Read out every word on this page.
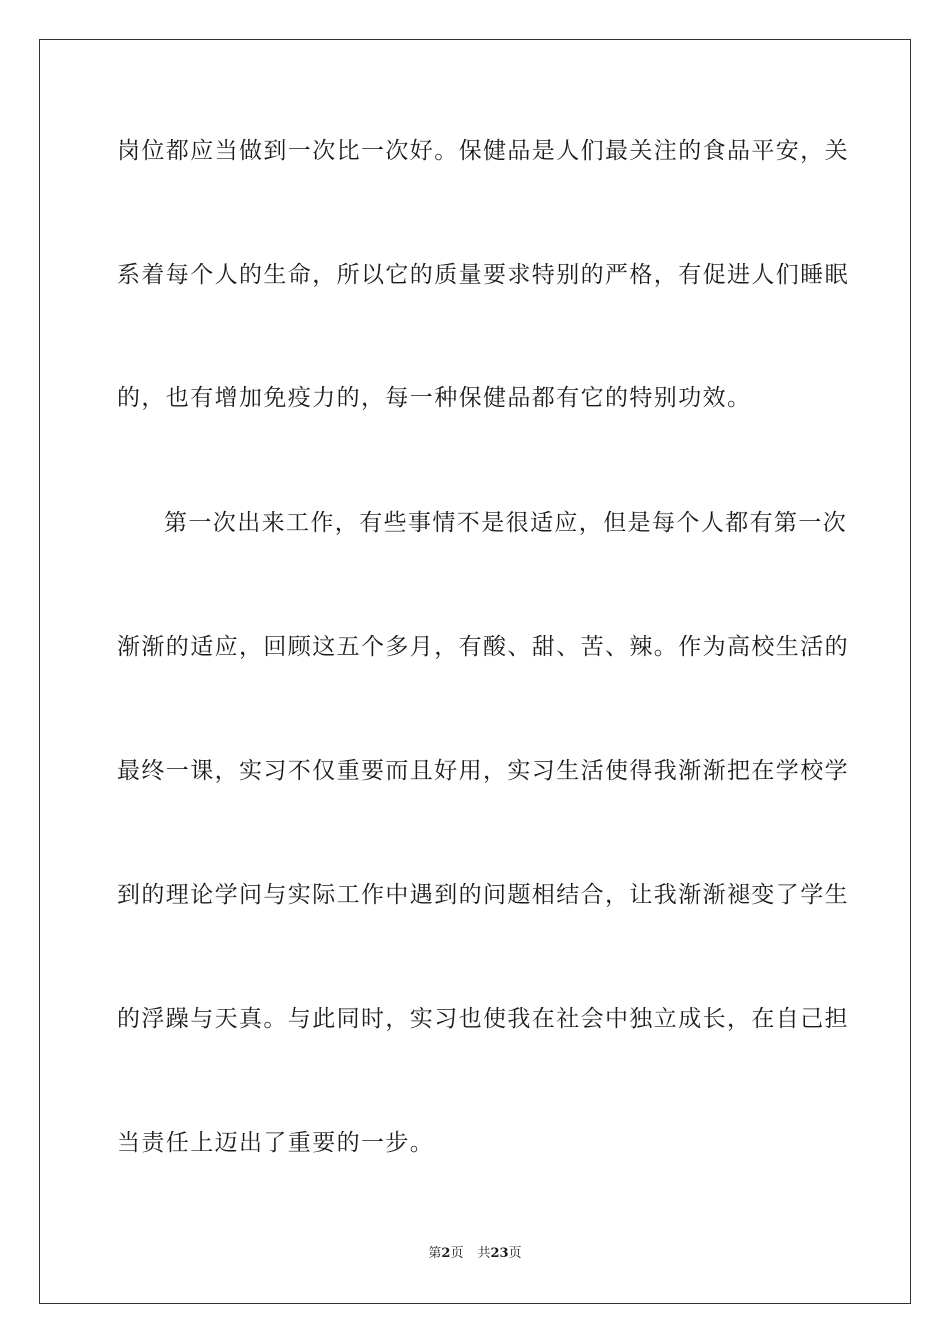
岗位都应当做到一次比一次好。保健品是人们最关注的食品平安，关
系着每个人的生命，所以它的质量要求特别的严格，有促进人们睡眠
的，也有增加免疫力的，每一种保健品都有它的特别功效。
第一次出来工作，有些事情不是很适应，但是每个人都有第一次
渐渐的适应，回顾这五个多月，有酸、甜、苦、辣。作为高校生活的
最终一课，实习不仅重要而且好用，实习生活使得我渐渐把在学校学
到的理论学问与实际工作中遇到的问题相结合，让我渐渐褪变了学生
的浮躁与天真。与此同时，实习也使我在社会中独立成长，在自己担
当责任上迈出了重要的一步。
第2页 共23页
